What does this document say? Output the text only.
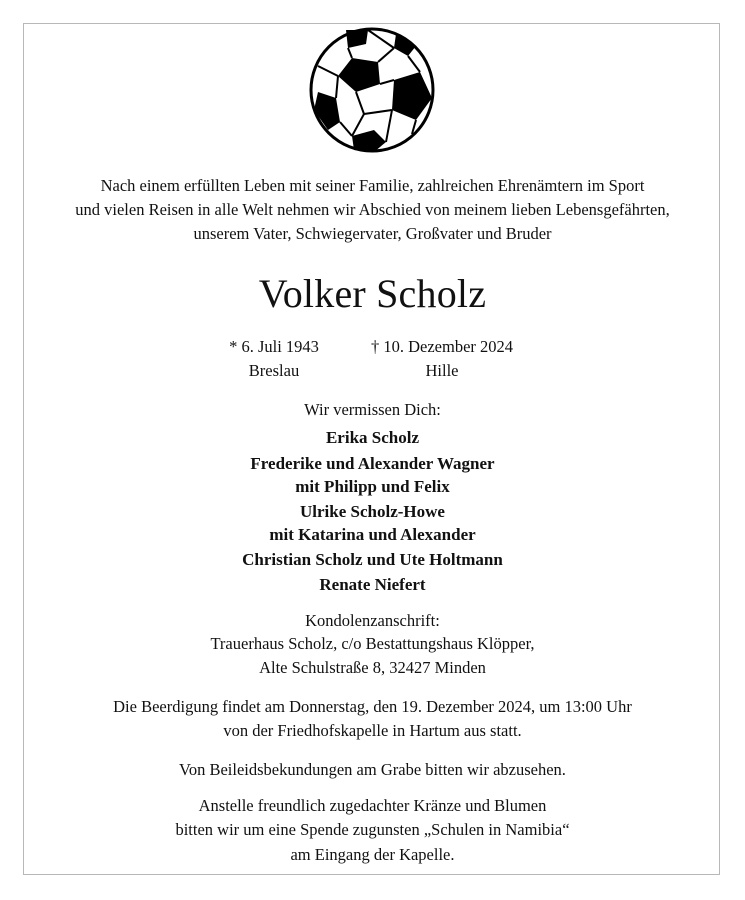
Nach einem erfüllten Leben mit seiner Familie, zahlreichen Ehrenämtern im Sport
und vielen Reisen in alle Welt nehmen wir Abschied von meinem lieben Lebensgefährten,
unserem Vater, Schwiegervater, Großvater und Bruder
Volker Scholz
* 6. Juli 1943
Breslau
† 10. Dezember 2024
Hille
Wir vermissen Dich:
Erika Scholz
Frederike und Alexander Wagner
mit Philipp und Felix
Ulrike Scholz-Howe
mit Katarina und Alexander
Christian Scholz und Ute Holtmann
Renate Niefert
Kondolenzanschrift:
Trauerhaus Scholz, c/o Bestattungshaus Klöpper,
Alte Schulstraße 8, 32427 Minden
Die Beerdigung findet am Donnerstag, den 19. Dezember 2024, um 13:00 Uhr
von der Friedhofskapelle in Hartum aus statt.
Von Beileidsbekundungen am Grabe bitten wir abzusehen.
Anstelle freundlich zugedachter Kränze und Blumen
bitten wir um eine Spende zugunsten „Schulen in Namibia“
am Eingang der Kapelle.
